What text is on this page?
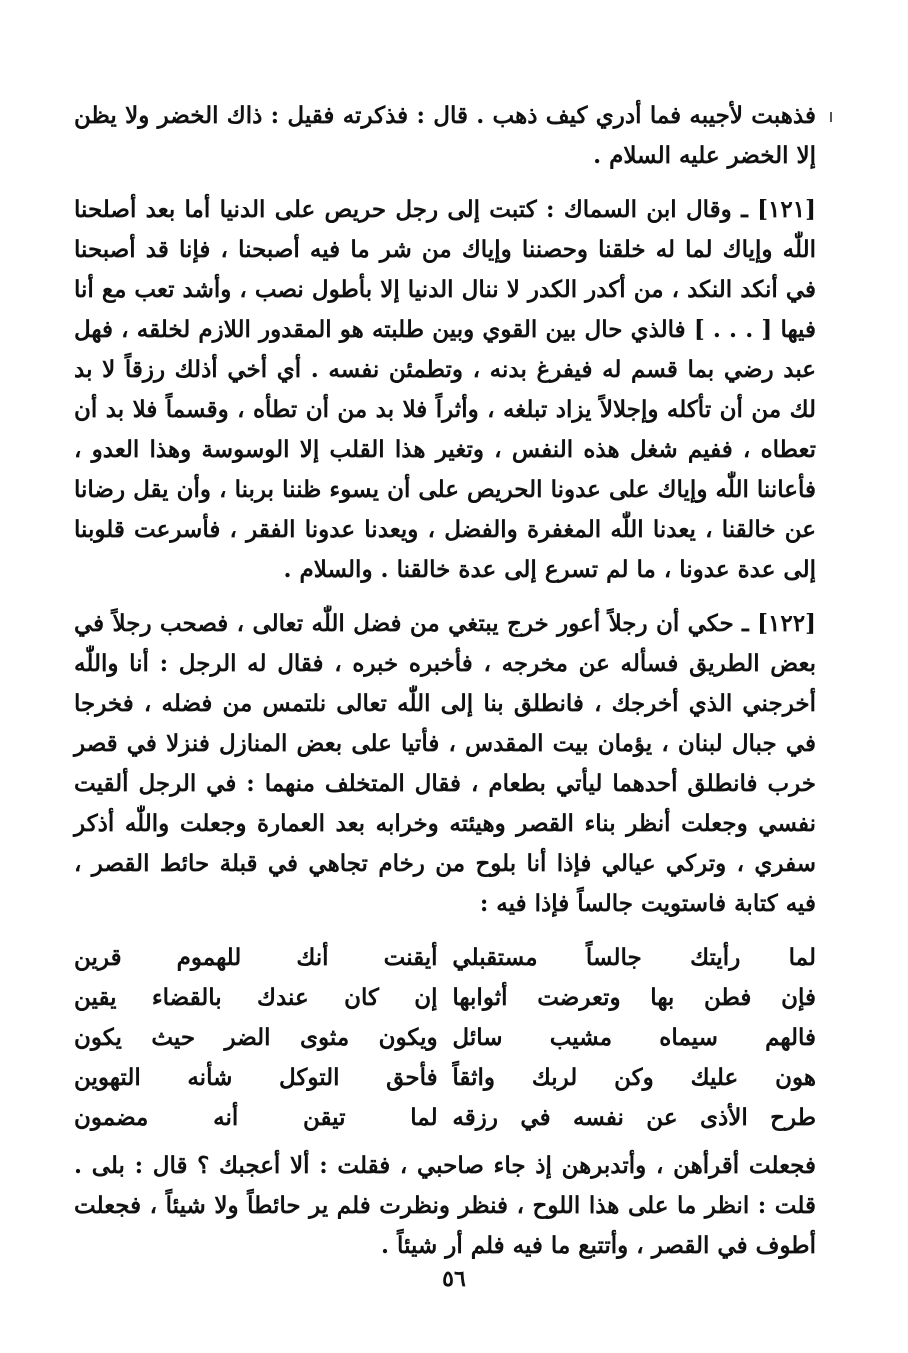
فذهبت لأجيبه فما أدري كيف ذهب . قال : فذكرته فقيل : ذاك الخضر ولا يظن إلا الخضر عليه السلام .

[١٢١] ـ وقال ابن السماك : كتبت إلى رجل حريص على الدنيا أما بعد أصلحنا اللّٰه وإياك لما له خلقنا وحصننا وإياك من شر ما فيه أصبحنا ، فإنا قد أصبحنا في أنكد النكد ، من أكدر الكدر لا ننال الدنيا إلا بأطول نصب ، وأشد تعب مع أنا فيها [ . . . ] فالذي حال بين القوي وبين طلبته هو المقدور اللازم لخلقه ، فهل عبد رضي بما قسم له فيفرغ بدنه ، وتطمئن نفسه . أي أخي أذلك رزقاً لا بد لك من أن تأكله وإجلالاً يزاد تبلغه ، وأثراً فلا بد من أن تطأه ، وقسماً فلا بد أن تعطاه ، ففيم شغل هذه النفس ، وتغير هذا القلب إلا الوسوسة وهذا العدو ، فأعاننا اللّٰه وإياك على عدونا الحريص على أن يسوء ظننا بربنا ، وأن يقل رضانا عن خالقنا ، يعدنا اللّٰه المغفرة والفضل ، ويعدنا عدونا الفقر ، فأسرعت قلوبنا إلى عدة عدونا ، ما لم تسرع إلى عدة خالقنا . والسلام .

[١٢٢] ـ حكي أن رجلاً أعور خرج يبتغي من فضل اللّٰه تعالى ، فصحب رجلاً في بعض الطريق فسأله عن مخرجه ، فأخبره خبره ، فقال له الرجل : أنا واللّٰه أخرجني الذي أخرجك ، فانطلق بنا إلى اللّٰه تعالى نلتمس من فضله ، فخرجا في جبال لبنان ، يؤمان بيت المقدس ، فأتيا على بعض المنازل فنزلا في قصر خرب فانطلق أحدهما ليأتي بطعام ، فقال المتخلف منهما : في الرجل ألقيت نفسي وجعلت أنظر بناء القصر وهيئته وخرابه بعد العمارة وجعلت واللّٰه أذكر سفري ، وتركي عيالي فإذا أنا بلوح من رخام تجاهي في قبلة حائط القصر ، فيه كتابة فاستويت جالساً فإذا فيه :

لما رأيتك جالساً مستقبلي
أيقنت أنك للهموم قرين
فإن فطن بها وتعرضت أثوابها
إن كان عندك بالقضاء يقين
فالهم سيماه مشيب سائل
ويكون مثوى الضر حيث يكون
هون عليك وكن لربك واثقاً
فأحق التوكل شأنه التهوين
طرح الأذى عن نفسه في رزقه
لما تيقن أنه مضمون

فجعلت أقرأهن ، وأتدبرهن إذ جاء صاحبي ، فقلت : ألا أعجبك ؟ قال : بلى . قلت : انظر ما على هذا اللوح ، فنظر ونظرت فلم ير حائطاً ولا شيئاً ، فجعلت أطوف في القصر ، وأتتبع ما فيه فلم أر شيئاً .

٥٦
